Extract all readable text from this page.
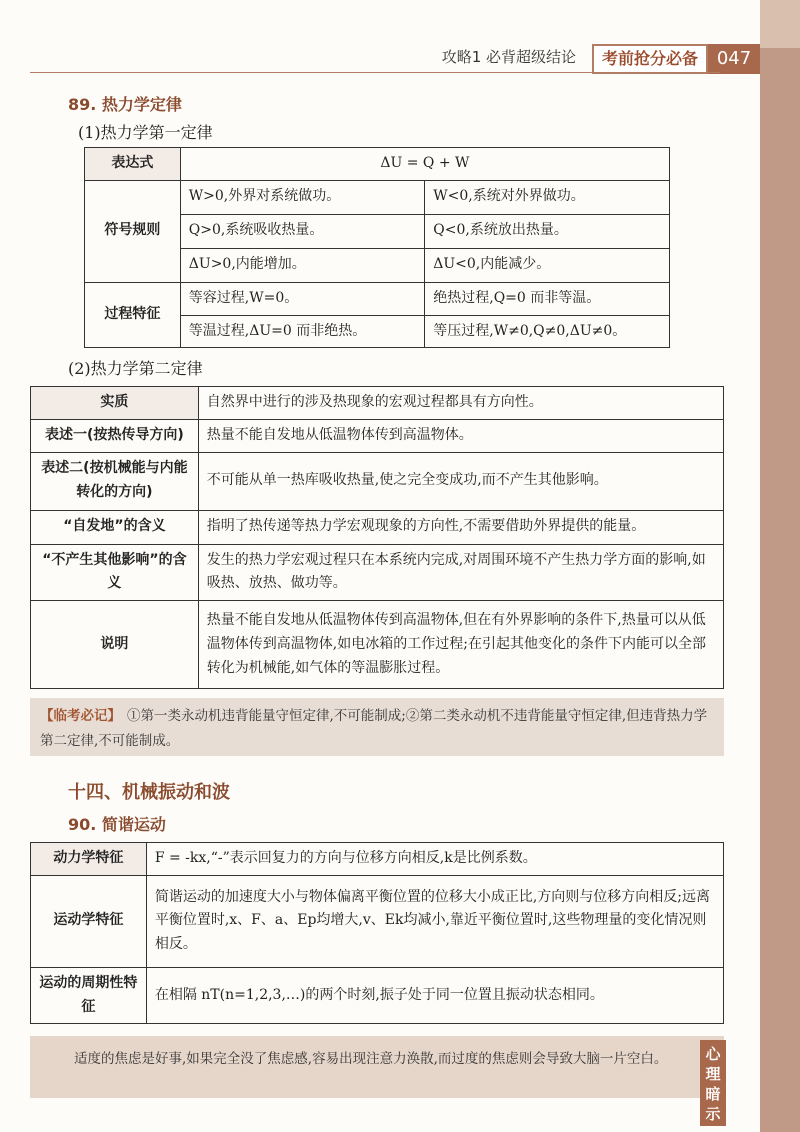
攻略1 必背超级结论	考前抢分必备	047
89. 热力学定律

(1)热力学第一定律

表达式	ΔU = Q + W	
符号规则	W>0,外界对系统做功。	W<0,系统对外界做功。
	Q>0,系统吸收热量。	Q<0,系统放出热量。
	ΔU>0,内能增加。	ΔU<0,内能减少。
过程特征	等容过程,W=0。	绝热过程,Q=0 而非等温。
	等温过程,ΔU=0 而非绝热。	等压过程,W≠0,Q≠0,ΔU≠0。

(2)热力学第二定律

实质	自然界中进行的涉及热现象的宏观过程都具有方向性。
表述一(按热传导方向)	热量不能自发地从低温物体传到高温物体。
表述二(按机械能与内能转化的方向)	不可能从单一热库吸收热量,使之完全变成功,而不产生其他影响。
“自发地”的含义	指明了热传递等热力学宏观现象的方向性,不需要借助外界提供的能量。
“不产生其他影响”的含义	发生的热力学宏观过程只在本系统内完成,对周围环境不产生热力学方面的影响,如吸热、放热、做功等。
说明	热量不能自发地从低温物体传到高温物体,但在有外界影响的条件下,热量可以从低温物体传到高温物体,如电冰箱的工作过程;在引起其他变化的条件下内能可以全部转化为机械能,如气体的等温膨胀过程。
【临考必记】 ①第一类永动机违背能量守恒定律,不可能制成;②第二类永动机不违背能量守恒定律,但违背热力学第二定律,不可能制成。
十四、机械振动和波
90. 简谐运动
动力学特征	F = -kx,“-”表示回复力的方向与位移方向相反,k是比例系数。
运动学特征	简谐运动的加速度大小与物体偏离平衡位置的位移大小成正比,方向则与位移方向相反;远离平衡位置时,x、F、a、Ep均增大,v、Ek均减小,靠近平衡位置时,这些物理量的变化情况则相反。
运动的周期性特征	在相隔 nT(n=1,2,3,…)的两个时刻,振子处于同一位置且振动状态相同。
适度的焦虑是好事,如果完全没了焦虑感,容易出现注意力涣散,而过度的焦虑则会导致大脑一片空白。	心理暗示
